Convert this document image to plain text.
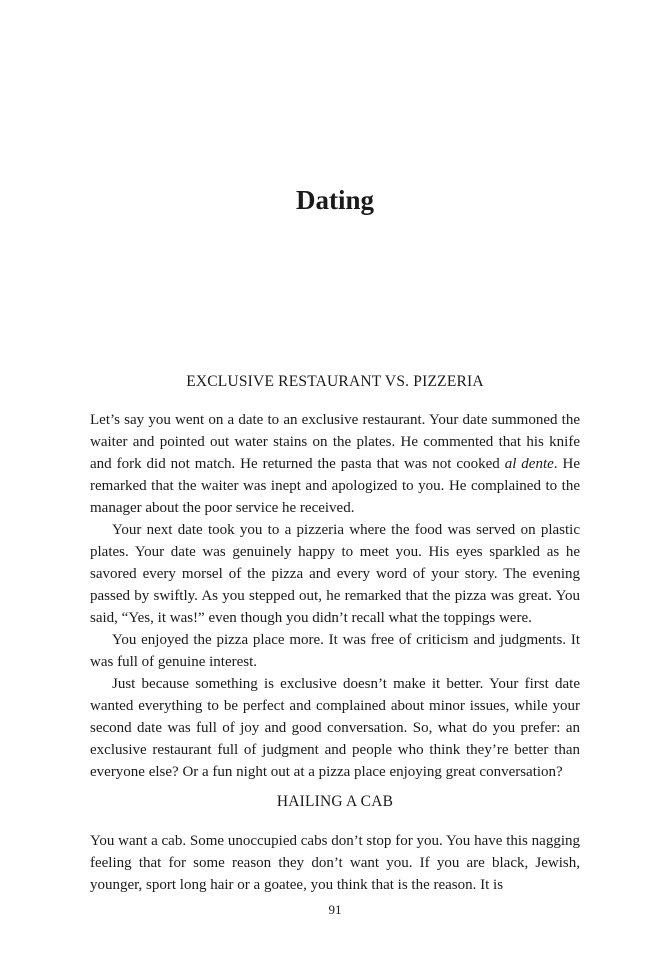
Dating
EXCLUSIVE RESTAURANT VS. PIZZERIA

Let’s say you went on a date to an exclusive restaurant. Your date summoned the waiter and pointed out water stains on the plates. He commented that his knife and fork did not match. He returned the pasta that was not cooked al dente. He remarked that the waiter was inept and apologized to you. He complained to the manager about the poor service he received.

Your next date took you to a pizzeria where the food was served on plastic plates. Your date was genuinely happy to meet you. His eyes sparkled as he savored every morsel of the pizza and every word of your story. The evening passed by swiftly. As you stepped out, he remarked that the pizza was great. You said, “Yes, it was!” even though you didn’t recall what the toppings were.

You enjoyed the pizza place more. It was free of criticism and judgments. It was full of genuine interest.

Just because something is exclusive doesn’t make it better. Your first date wanted everything to be perfect and complained about minor issues, while your second date was full of joy and good conversation. So, what do you prefer: an exclusive restaurant full of judgment and people who think they’re better than everyone else? Or a fun night out at a pizza place enjoying great conversation?

HAILING A CAB

You want a cab. Some unoccupied cabs don’t stop for you. You have this nagging feeling that for some reason they don’t want you. If you are black, Jewish, younger, sport long hair or a goatee, you think that is the reason. It is

91
